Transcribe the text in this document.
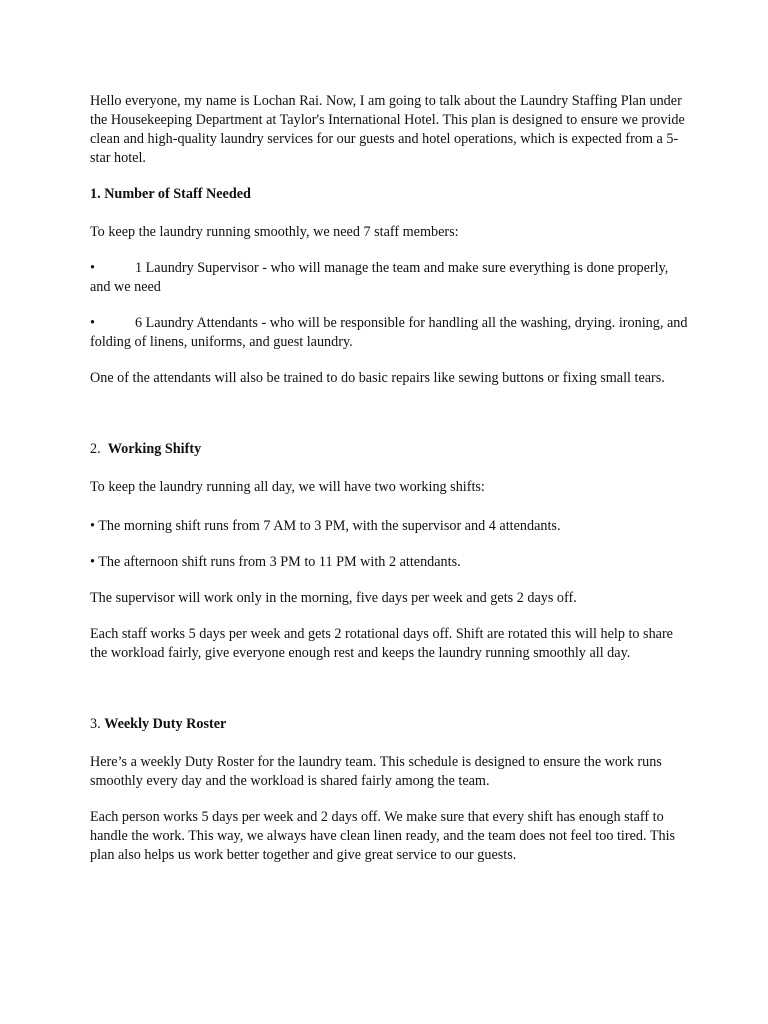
Hello everyone, my name is Lochan Rai. Now, I am going to talk about the Laundry Staffing Plan under the Housekeeping Department at Taylor's International Hotel. This plan is designed to ensure we provide clean and high-quality laundry services for our guests and hotel operations, which is expected from a 5-star hotel.

1. Number of Staff Needed

To keep the laundry running smoothly, we need 7 staff members:

•	1 Laundry Supervisor - who will manage the team and make sure everything is done properly, and we need

•	6 Laundry Attendants - who will be responsible for handling all the washing, drying. ironing, and folding of linens, uniforms, and guest laundry.

One of the attendants will also be trained to do basic repairs like sewing buttons or fixing small tears.

2. Working Shifty

To keep the laundry running all day, we will have two working shifts:

• The morning shift runs from 7 AM to 3 PM, with the supervisor and 4 attendants.

• The afternoon shift runs from 3 PM to 11 PM with 2 attendants.

The supervisor will work only in the morning, five days per week and gets 2 days off.

Each staff works 5 days per week and gets 2 rotational days off. Shift are rotated this will help to share the workload fairly, give everyone enough rest and keeps the laundry running smoothly all day.

3. Weekly Duty Roster

Here’s a weekly Duty Roster for the laundry team. This schedule is designed to ensure the work runs smoothly every day and the workload is shared fairly among the team.

Each person works 5 days per week and 2 days off. We make sure that every shift has enough staff to handle the work. This way, we always have clean linen ready, and the team does not feel too tired. This plan also helps us work better together and give great service to our guests.
